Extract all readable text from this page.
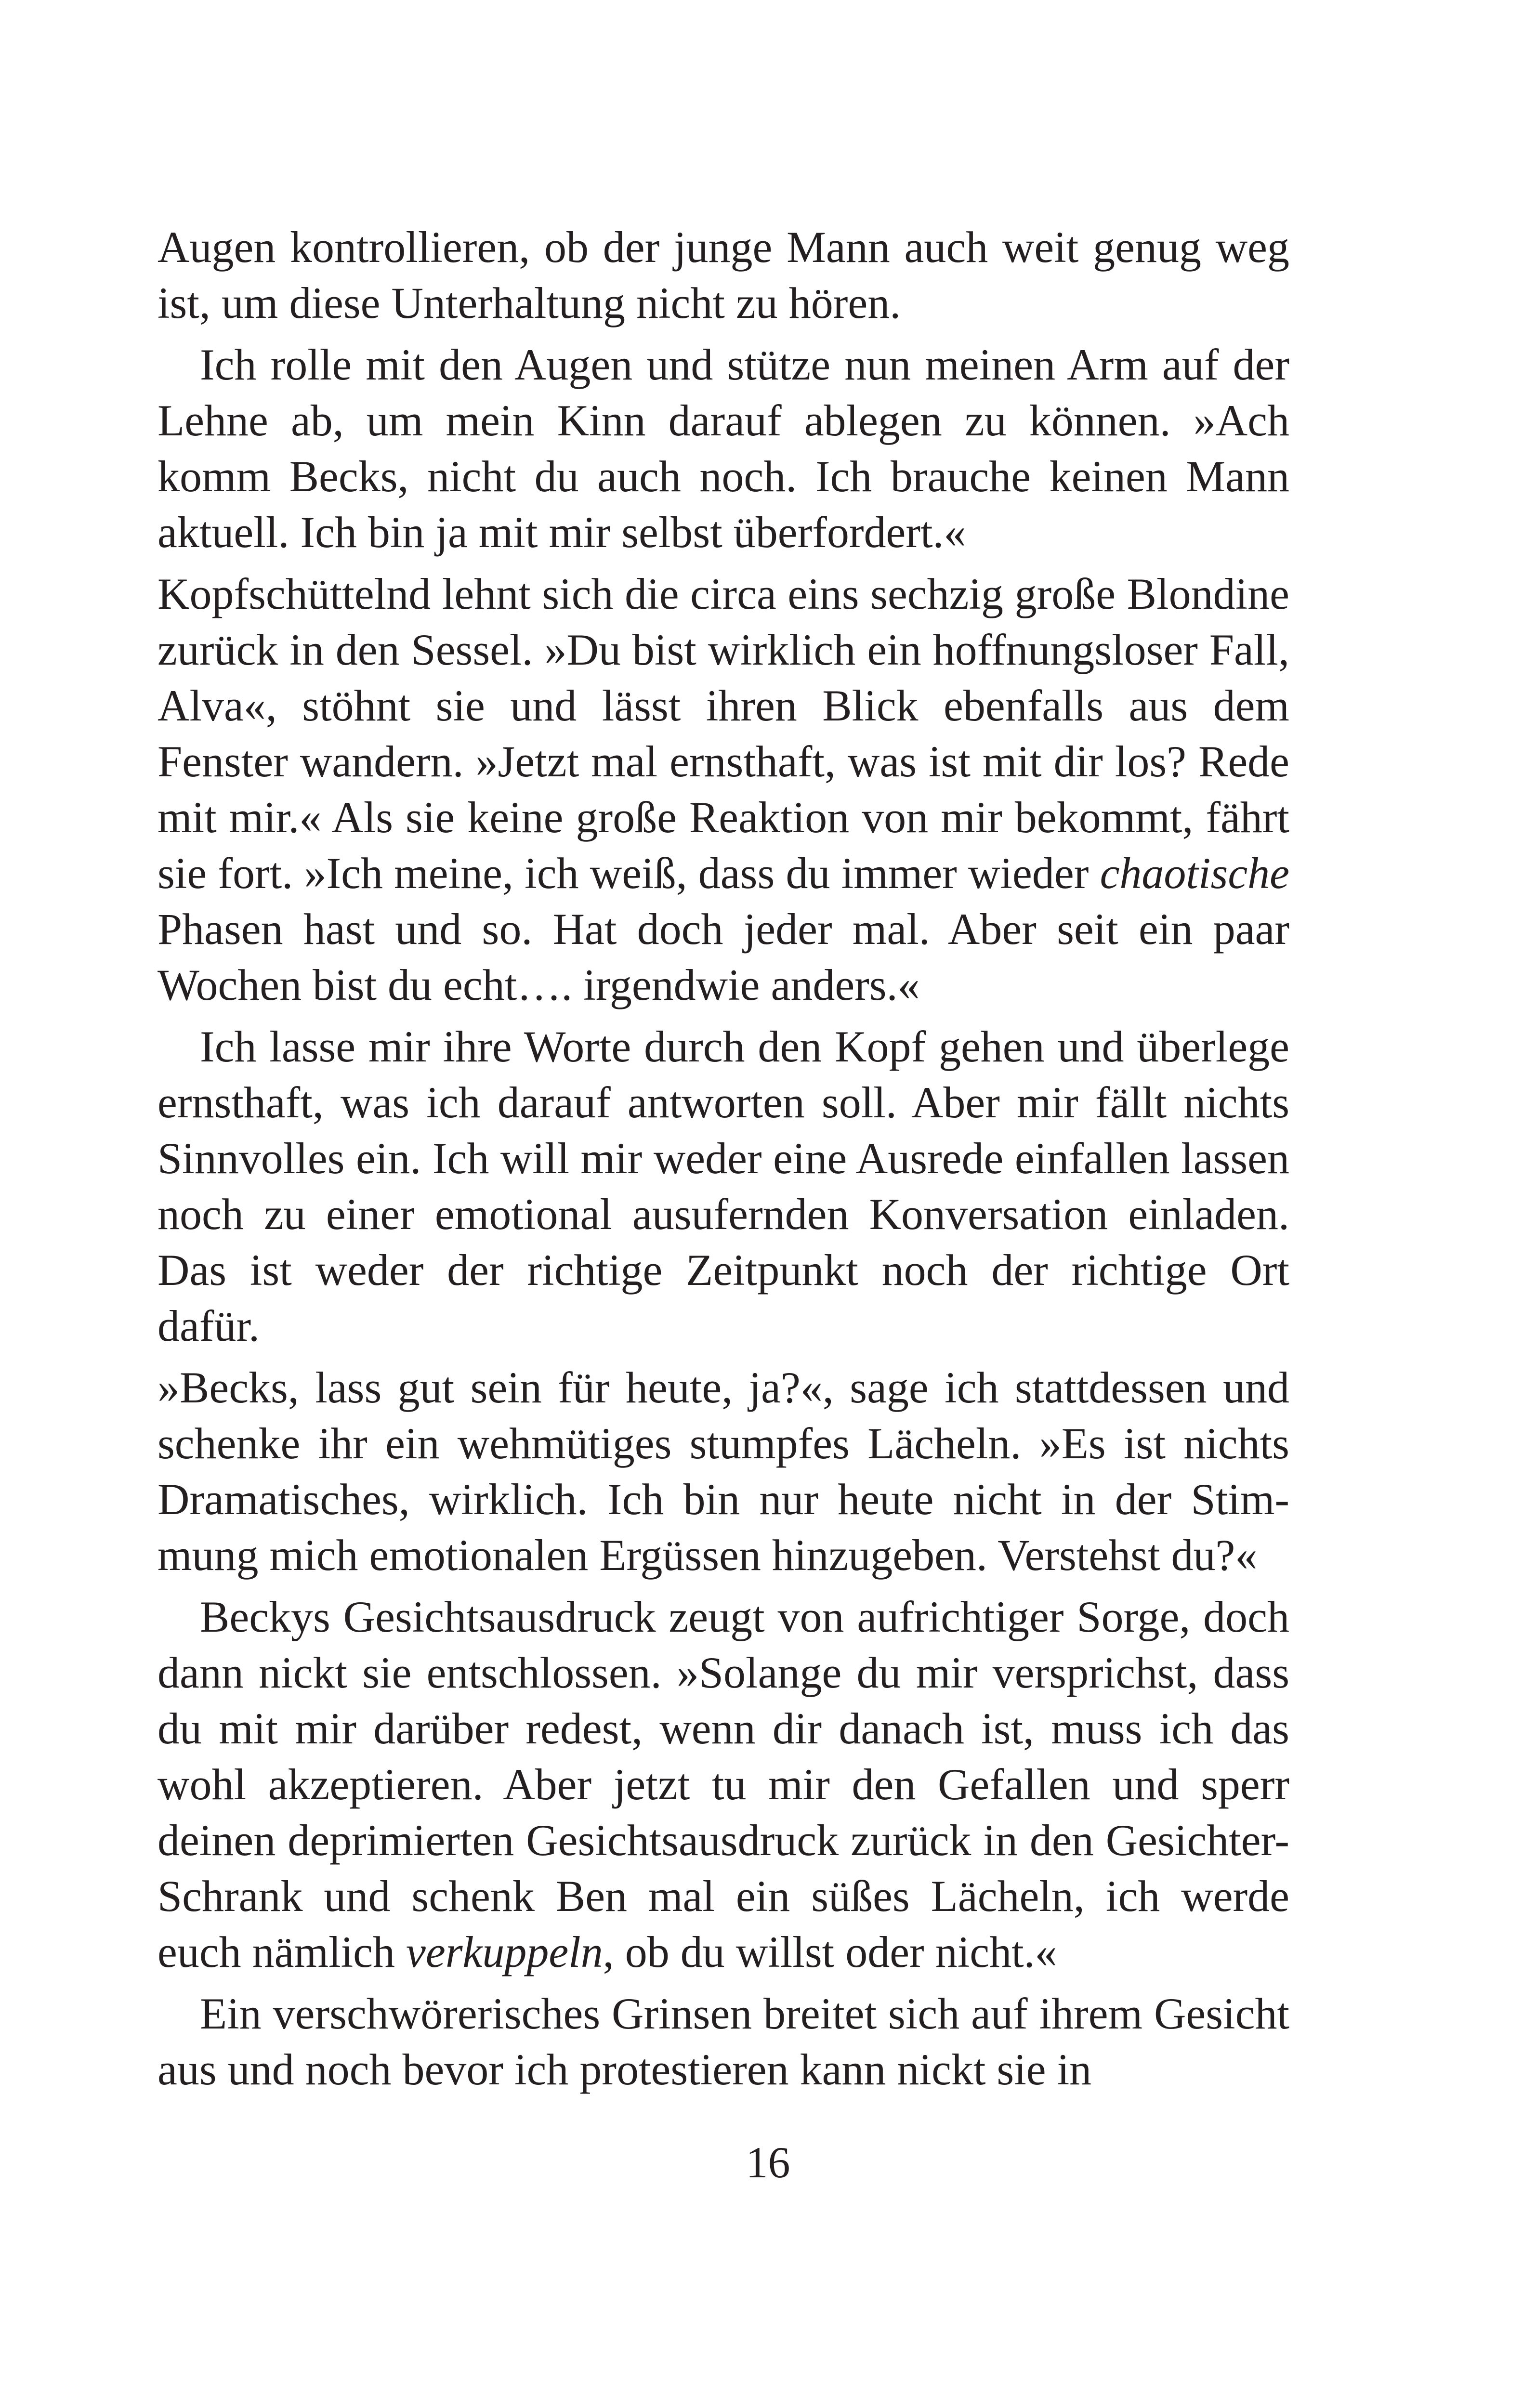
Augen kontrollieren, ob der junge Mann auch weit genug weg ist, um diese Unterhaltung nicht zu hören.

Ich rolle mit den Augen und stütze nun meinen Arm auf der Lehne ab, um mein Kinn darauf ablegen zu können. »Ach komm Becks, nicht du auch noch. Ich brauche keinen Mann aktuell. Ich bin ja mit mir selbst überfordert.«

Kopfschüttelnd lehnt sich die circa eins sechzig große Blondine zurück in den Sessel. »Du bist wirklich ein hoffnungsloser Fall, Alva«, stöhnt sie und lässt ihren Blick ebenfalls aus dem Fenster wandern. »Jetzt mal ernsthaft, was ist mit dir los? Rede mit mir.« Als sie keine große Reaktion von mir bekommt, fährt sie fort. »Ich meine, ich weiß, dass du immer wieder chaotische Phasen hast und so. Hat doch jeder mal. Aber seit ein paar Wochen bist du echt…. irgendwie anders.«

Ich lasse mir ihre Worte durch den Kopf gehen und überlege ernsthaft, was ich darauf antworten soll. Aber mir fällt nichts Sinnvolles ein. Ich will mir weder eine Ausrede einfallen lassen noch zu einer emotional ausufernden Konversation einladen. Das ist weder der richtige Zeitpunkt noch der richtige Ort dafür.

»Becks, lass gut sein für heute, ja?«, sage ich stattdessen und schenke ihr ein wehmütiges stumpfes Lächeln. »Es ist nichts Dramatisches, wirklich. Ich bin nur heute nicht in der Stimmung mich emotionalen Ergüssen hinzugeben. Verstehst du?«

Beckys Gesichtsausdruck zeugt von aufrichtiger Sorge, doch dann nickt sie entschlossen. »Solange du mir versprichst, dass du mit mir darüber redest, wenn dir danach ist, muss ich das wohl akzeptieren. Aber jetzt tu mir den Gefallen und sperr deinen deprimierten Gesichtsausdruck zurück in den Gesichter-Schrank und schenk Ben mal ein süßes Lächeln, ich werde euch nämlich verkuppeln, ob du willst oder nicht.«

Ein verschwörerisches Grinsen breitet sich auf ihrem Gesicht aus und noch bevor ich protestieren kann nickt sie in

16
